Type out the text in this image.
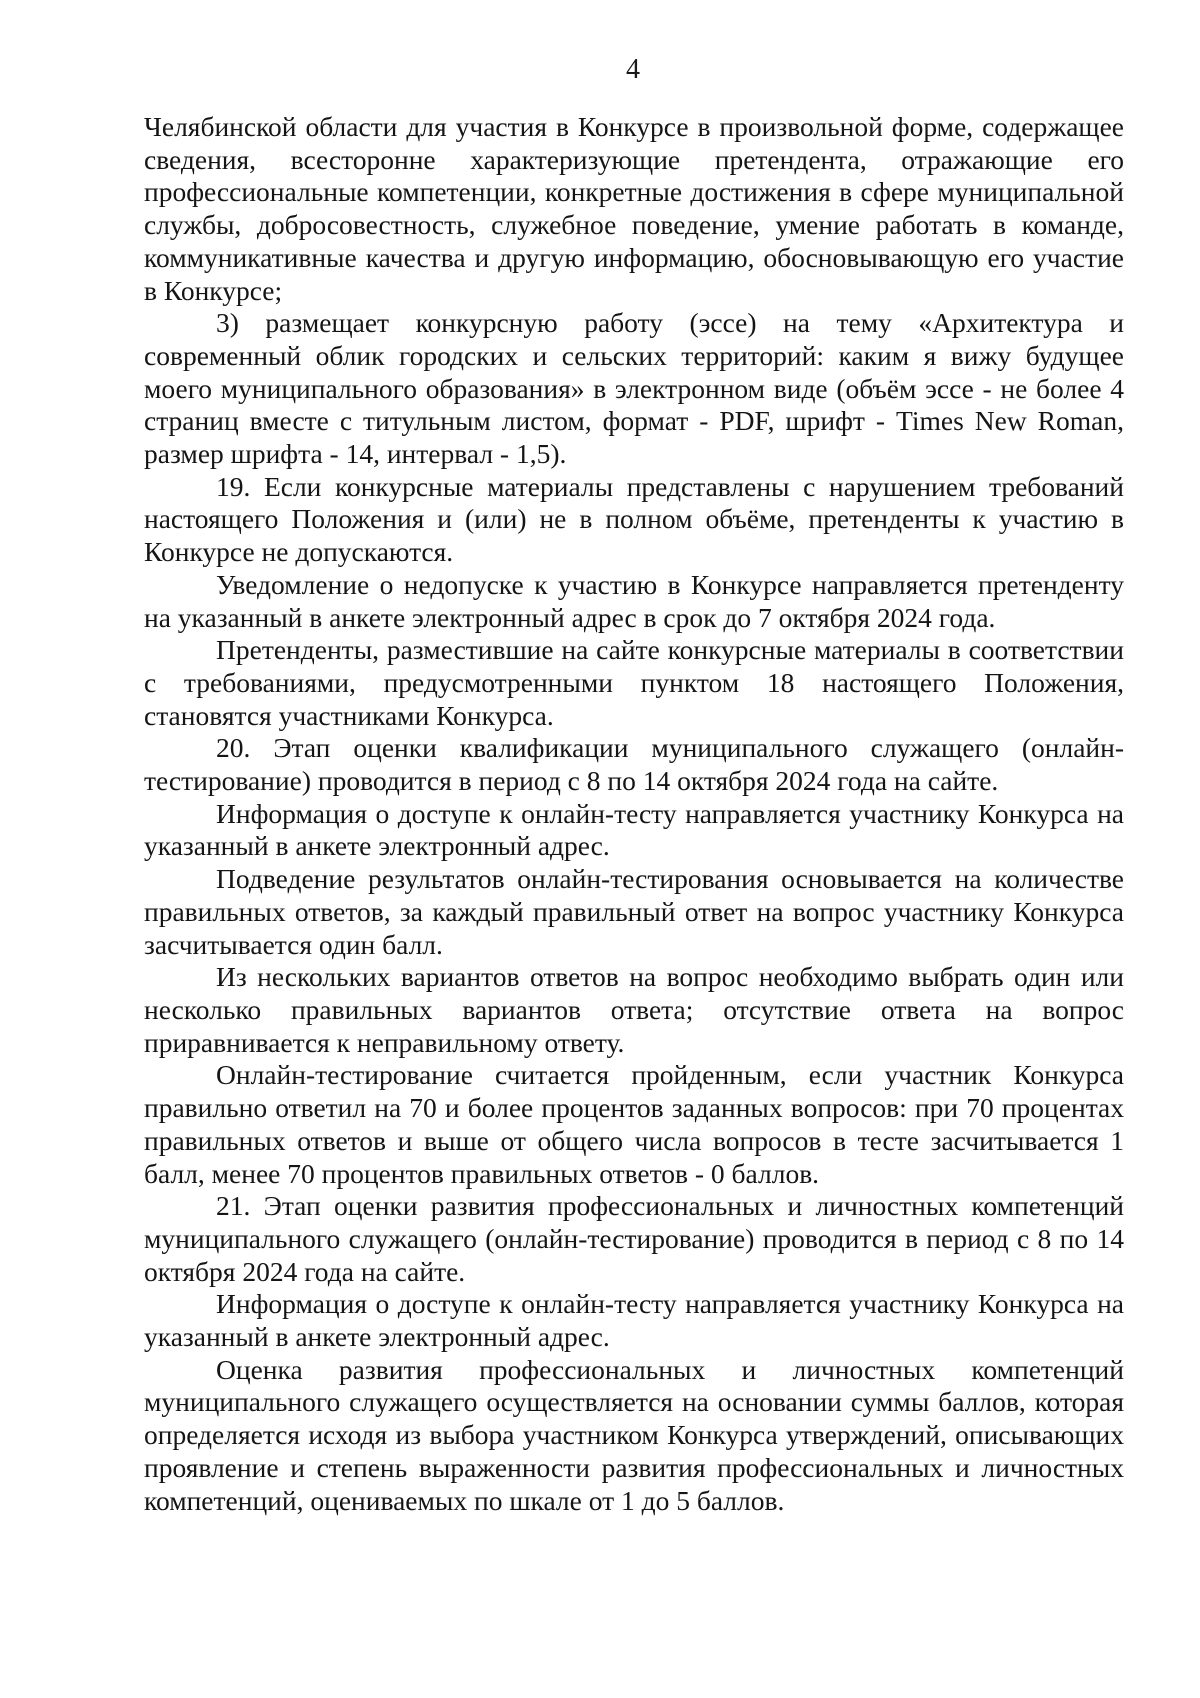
4

Челябинской области для участия в Конкурсе в произвольной форме, содержащее сведения, всесторонне характеризующие претендента, отражающие его профессиональные компетенции, конкретные достижения в сфере муниципальной службы, добросовестность, служебное поведение, умение работать в команде, коммуникативные качества и другую информацию, обосновывающую его участие в Конкурсе;

3) размещает конкурсную работу (эссе) на тему «Архитектура и современный облик городских и сельских территорий: каким я вижу будущее моего муниципального образования» в электронном виде (объём эссе - не более 4 страниц вместе с титульным листом, формат - PDF, шрифт - Times New Roman, размер шрифта - 14, интервал - 1,5).

19. Если конкурсные материалы представлены с нарушением требований настоящего Положения и (или) не в полном объёме, претенденты к участию в Конкурсе не допускаются.

Уведомление о недопуске к участию в Конкурсе направляется претенденту на указанный в анкете электронный адрес в срок до 7 октября 2024 года.

Претенденты, разместившие на сайте конкурсные материалы в соответствии с требованиями, предусмотренными пунктом 18 настоящего Положения, становятся участниками Конкурса.

20. Этап оценки квалификации муниципального служащего (онлайн-тестирование) проводится в период с 8 по 14 октября 2024 года на сайте.

Информация о доступе к онлайн-тесту направляется участнику Конкурса на указанный в анкете электронный адрес.

Подведение результатов онлайн-тестирования основывается на количестве правильных ответов, за каждый правильный ответ на вопрос участнику Конкурса засчитывается один балл.

Из нескольких вариантов ответов на вопрос необходимо выбрать один или несколько правильных вариантов ответа; отсутствие ответа на вопрос приравнивается к неправильному ответу.

Онлайн-тестирование считается пройденным, если участник Конкурса правильно ответил на 70 и более процентов заданных вопросов: при 70 процентах правильных ответов и выше от общего числа вопросов в тесте засчитывается 1 балл, менее 70 процентов правильных ответов - 0 баллов.

21. Этап оценки развития профессиональных и личностных компетенций муниципального служащего (онлайн-тестирование) проводится в период с 8 по 14 октября 2024 года на сайте.

Информация о доступе к онлайн-тесту направляется участнику Конкурса на указанный в анкете электронный адрес.

Оценка развития профессиональных и личностных компетенций муниципального служащего осуществляется на основании суммы баллов, которая определяется исходя из выбора участником Конкурса утверждений, описывающих проявление и степень выраженности развития профессиональных и личностных компетенций, оцениваемых по шкале от 1 до 5 баллов.
